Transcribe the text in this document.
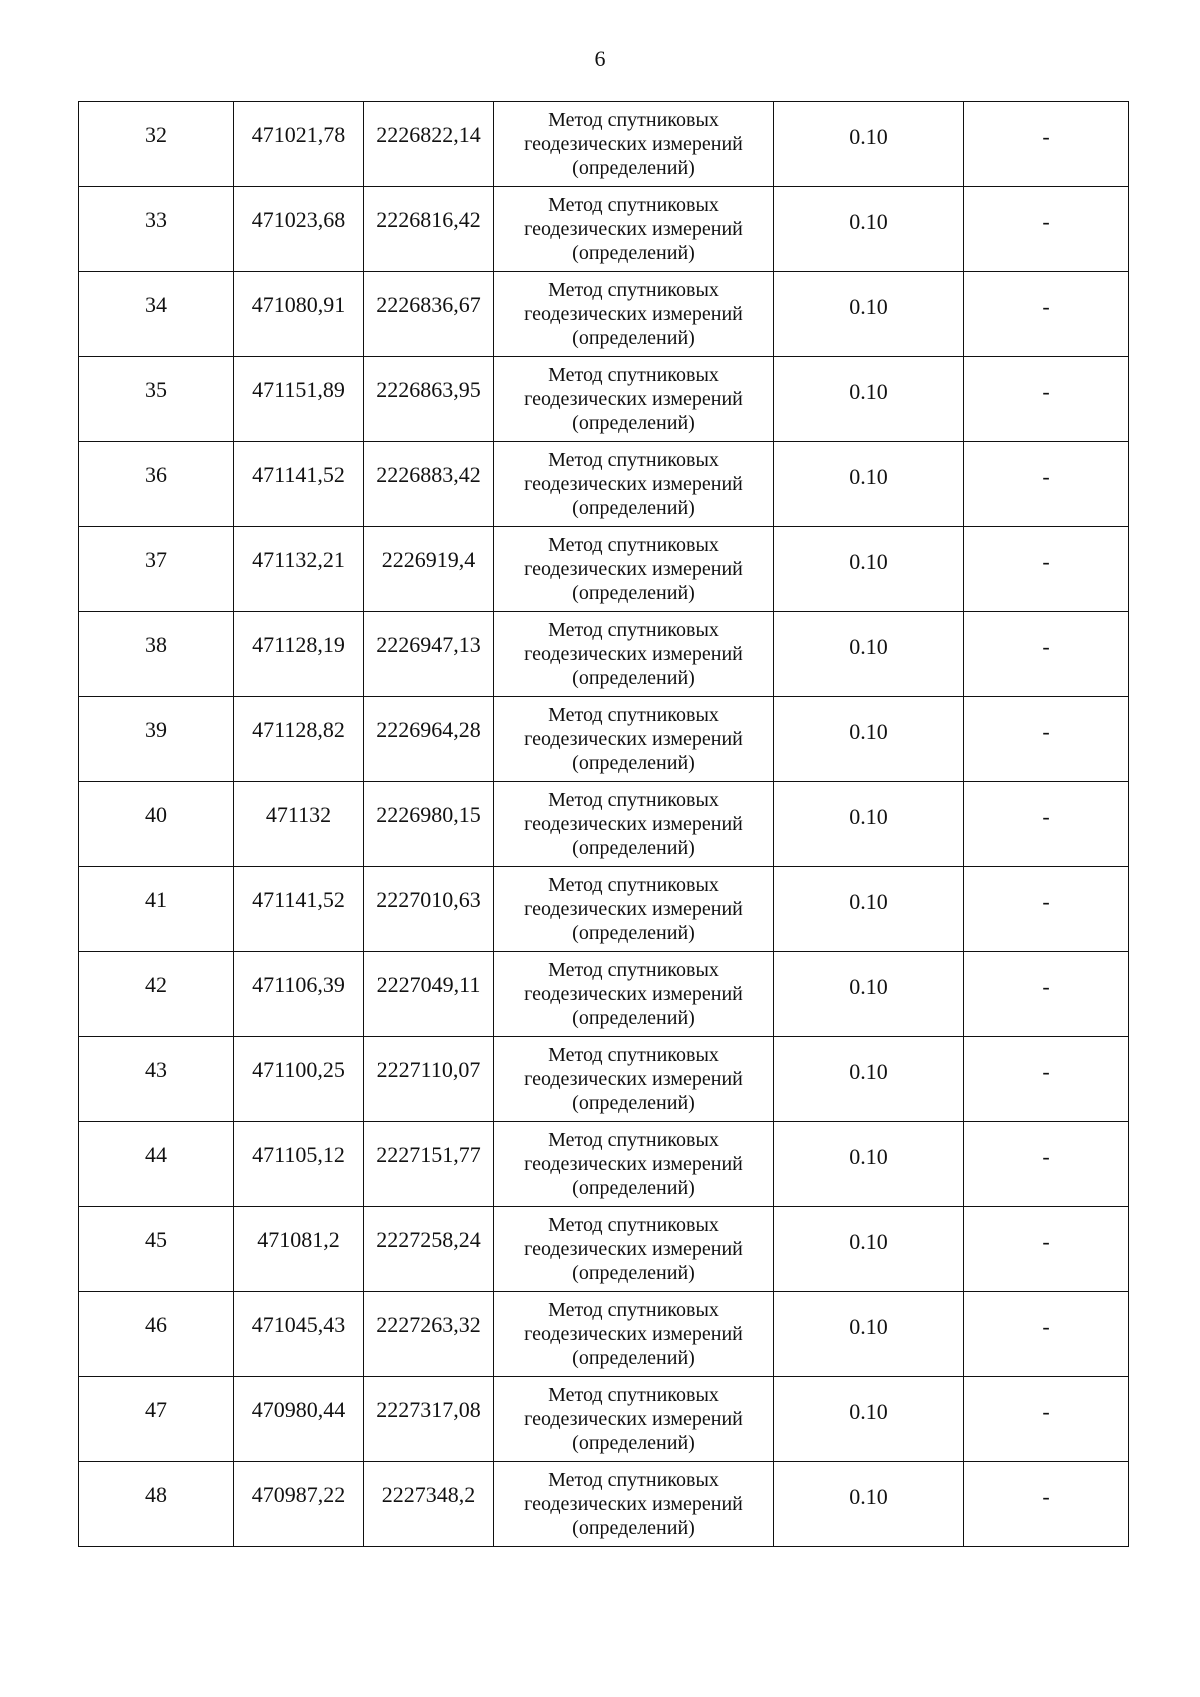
6
32	471021,78	2226822,14	Метод спутниковых
геодезических измерений
(определений)	0.10	-
33	471023,68	2226816,42	Метод спутниковых
геодезических измерений
(определений)	0.10	-
34	471080,91	2226836,67	Метод спутниковых
геодезических измерений
(определений)	0.10	-
35	471151,89	2226863,95	Метод спутниковых
геодезических измерений
(определений)	0.10	-
36	471141,52	2226883,42	Метод спутниковых
геодезических измерений
(определений)	0.10	-
37	471132,21	2226919,4	Метод спутниковых
геодезических измерений
(определений)	0.10	-
38	471128,19	2226947,13	Метод спутниковых
геодезических измерений
(определений)	0.10	-
39	471128,82	2226964,28	Метод спутниковых
геодезических измерений
(определений)	0.10	-
40	471132	2226980,15	Метод спутниковых
геодезических измерений
(определений)	0.10	-
41	471141,52	2227010,63	Метод спутниковых
геодезических измерений
(определений)	0.10	-
42	471106,39	2227049,11	Метод спутниковых
геодезических измерений
(определений)	0.10	-
43	471100,25	2227110,07	Метод спутниковых
геодезических измерений
(определений)	0.10	-
44	471105,12	2227151,77	Метод спутниковых
геодезических измерений
(определений)	0.10	-
45	471081,2	2227258,24	Метод спутниковых
геодезических измерений
(определений)	0.10	-
46	471045,43	2227263,32	Метод спутниковых
геодезических измерений
(определений)	0.10	-
47	470980,44	2227317,08	Метод спутниковых
геодезических измерений
(определений)	0.10	-
48	470987,22	2227348,2	Метод спутниковых
геодезических измерений
(определений)	0.10	-
